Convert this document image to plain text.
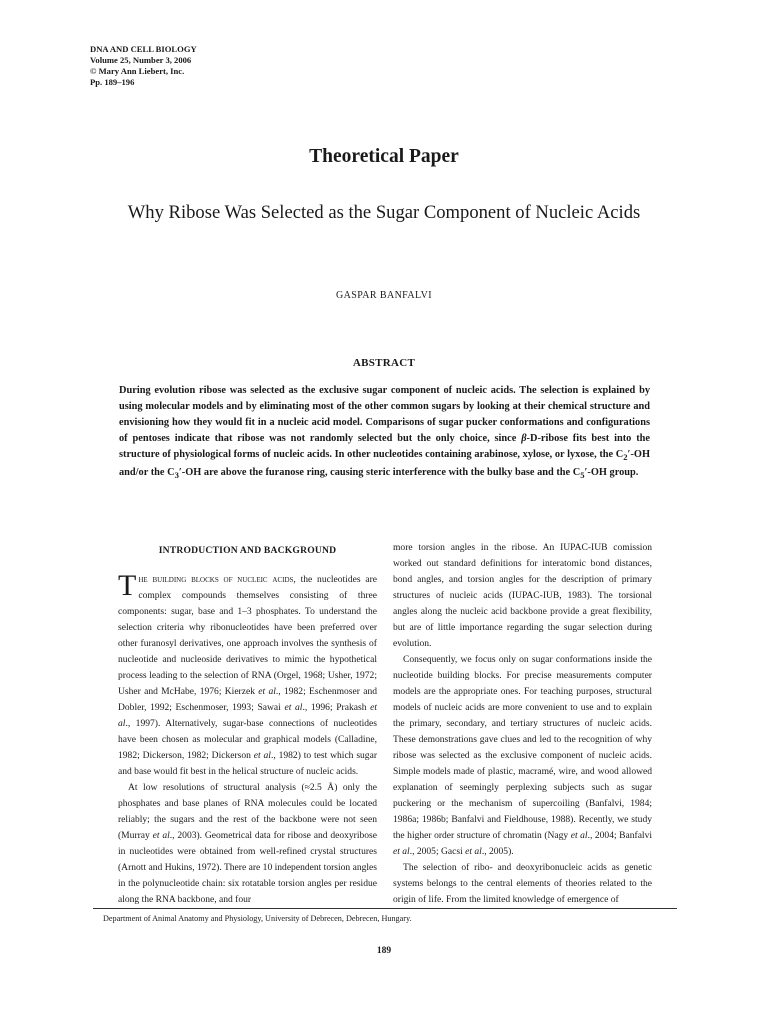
DNA AND CELL BIOLOGY
Volume 25, Number 3, 2006
© Mary Ann Liebert, Inc.
Pp. 189–196
Theoretical Paper
Why Ribose Was Selected as the Sugar Component of Nucleic Acids
GASPAR BANFALVI
ABSTRACT
During evolution ribose was selected as the exclusive sugar component of nucleic acids. The selection is explained by using molecular models and by eliminating most of the other common sugars by looking at their chemical structure and envisioning how they would fit in a nucleic acid model. Comparisons of sugar pucker conformations and configurations of pentoses indicate that ribose was not randomly selected but the only choice, since β-D-ribose fits best into the structure of physiological forms of nucleic acids. In other nucleotides containing arabinose, xylose, or lyxose, the $C_2'-OH$ and/or the $C_3'-OH$ are above the furanose ring, causing steric interference with the bulky base and the $C_5'-OH$ group.
INTRODUCTION AND BACKGROUND

The building blocks of nucleic acids, the nucleotides are complex compounds themselves consisting of three components: sugar, base and 1–3 phosphates. To understand the selection criteria why ribonucleotides have been preferred over other furanosyl derivatives, one approach involves the synthesis of nucleotide and nucleoside derivatives to mimic the hypothetical process leading to the selection of RNA (Orgel, 1968; Usher, 1972; Usher and McHabe, 1976; Kierzek et al., 1982; Eschenmoser and Dobler, 1992; Eschenmoser, 1993; Sawai et al., 1996; Prakash et al., 1997). Alternatively, sugar-base connections of nucleotides have been chosen as molecular and graphical models (Calladine, 1982; Dickerson, 1982; Dickerson et al., 1982) to test which sugar and base would fit best in the helical structure of nucleic acids.

At low resolutions of structural analysis (≈2.5 Å) only the phosphates and base planes of RNA molecules could be located reliably; the sugars and the rest of the backbone were not seen (Murray et al., 2003). Geometrical data for ribose and deoxyribose in nucleotides were obtained from well-refined crystal structures (Arnott and Hukins, 1972). There are 10 independent torsion angles in the polynucleotide chain: six rotatable torsion angles per residue along the RNA backbone, and four

more torsion angles in the ribose. An IUPAC-IUB comission worked out standard definitions for interatomic bond distances, bond angles, and torsion angles for the description of primary structures of nucleic acids (IUPAC-IUB, 1983). The torsional angles along the nucleic acid backbone provide a great flexibility, but are of little importance regarding the sugar selection during evolution.

Consequently, we focus only on sugar conformations inside the nucleotide building blocks. For precise measurements computer models are the appropriate ones. For teaching purposes, structural models of nucleic acids are more convenient to use and to explain the primary, secondary, and tertiary structures of nucleic acids. These demonstrations gave clues and led to the recognition of why ribose was selected as the exclusive component of nucleic acids. Simple models made of plastic, macramé, wire, and wood allowed explanation of seemingly perplexing subjects such as sugar puckering or the mechanism of supercoiling (Banfalvi, 1984; 1986a; 1986b; Banfalvi and Fieldhouse, 1988). Recently, we study the higher order structure of chromatin (Nagy et al., 2004; Banfalvi et al., 2005; Gacsi et al., 2005).

The selection of ribo- and deoxyribonucleic acids as genetic systems belongs to the central elements of theories related to the origin of life. From the limited knowledge of emergence of

Department of Animal Anatomy and Physiology, University of Debrecen, Debrecen, Hungary.
189
